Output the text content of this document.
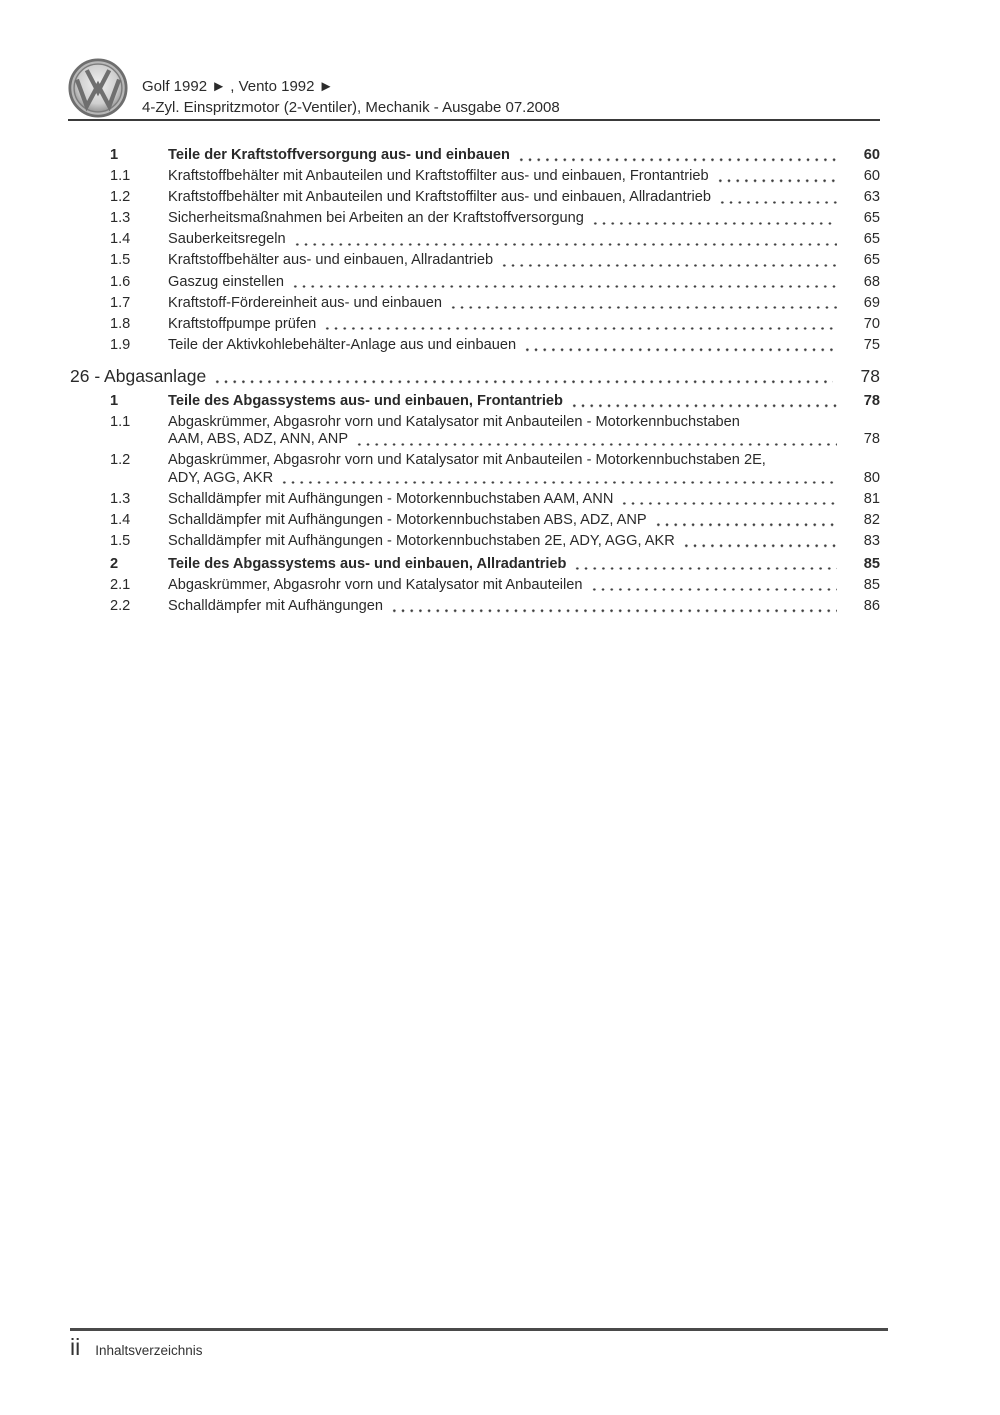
Golf 1992 ► , Vento 1992 ►
4-Zyl. Einspritzmotor (2-Ventiler), Mechanik - Ausgabe 07.2008
1	Teile der Kraftstoffversorgung aus- und einbauen	60
1.1	Kraftstoffbehälter mit Anbauteilen und Kraftstoffilter aus- und einbauen, Frontantrieb	60
1.2	Kraftstoffbehälter mit Anbauteilen und Kraftstoffilter aus- und einbauen, Allradantrieb	63
1.3	Sicherheitsmaßnahmen bei Arbeiten an der Kraftstoffversorgung	65
1.4	Sauberkeitsregeln	65
1.5	Kraftstoffbehälter aus- und einbauen, Allradantrieb	65
1.6	Gaszug einstellen	68
1.7	Kraftstoff-Fördereinheit aus- und einbauen	69
1.8	Kraftstoffpumpe prüfen	70
1.9	Teile der Aktivkohlebehälter-Anlage aus und einbauen	75
26 - Abgasanlage	78
1	Teile des Abgassystems aus- und einbauen, Frontantrieb	78
1.1	Abgaskrümmer, Abgasrohr vorn und Katalysator mit Anbauteilen - Motorkennbuchstaben
AAM, ABS, ADZ, ANN, ANP	78
1.2	Abgaskrümmer, Abgasrohr vorn und Katalysator mit Anbauteilen - Motorkennbuchstaben 2E,
ADY, AGG, AKR	80
1.3	Schalldämpfer mit Aufhängungen - Motorkennbuchstaben AAM, ANN	81
1.4	Schalldämpfer mit Aufhängungen - Motorkennbuchstaben ABS, ADZ, ANP	82
1.5	Schalldämpfer mit Aufhängungen - Motorkennbuchstaben 2E, ADY, AGG, AKR	83
2	Teile des Abgassystems aus- und einbauen, Allradantrieb	85
2.1	Abgaskrümmer, Abgasrohr vorn und Katalysator mit Anbauteilen	85
2.2	Schalldämpfer mit Aufhängungen	86
ii Inhaltsverzeichnis
